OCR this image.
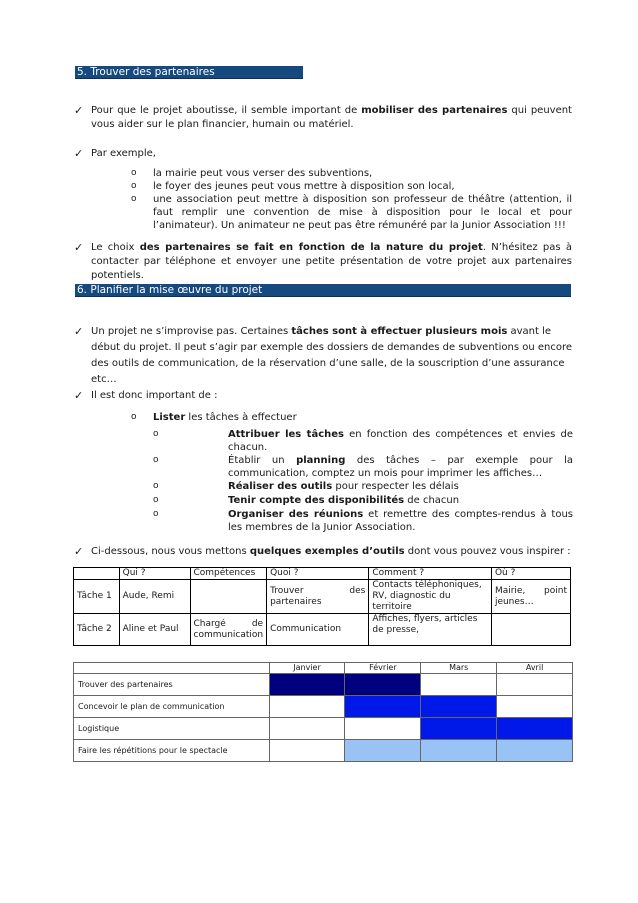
5. Trouver des partenaires
✓ Pour que le projet aboutisse, il semble important de mobiliser des partenaires qui peuvent vous aider sur le plan financier, humain ou matériel.
✓ Par exemple,
o la mairie peut vous verser des subventions,
o le foyer des jeunes peut vous mettre à disposition son local,
o une association peut mettre à disposition son professeur de théâtre (attention, il faut remplir une convention de mise à disposition pour le local et pour l’animateur). Un animateur ne peut pas être rémunéré par la Junior Association !!!
✓ Le choix des partenaires se fait en fonction de la nature du projet. N’hésitez pas à contacter par téléphone et envoyer une petite présentation de votre projet aux partenaires potentiels.
6. Planifier la mise œuvre du projet
✓ Un projet ne s’improvise pas. Certaines tâches sont à effectuer plusieurs mois avant le début du projet. Il peut s’agir par exemple des dossiers de demandes de subventions ou encore des outils de communication, de la réservation d’une salle, de la souscription d’une assurance etc…
✓ Il est donc important de :
o Lister les tâches à effectuer
o	Attribuer les tâches en fonction des compétences et envies de chacun.
o	Établir un planning des tâches – par exemple pour la communication, comptez un mois pour imprimer les affiches…
o	Réaliser des outils pour respecter les délais
o	Tenir compte des disponibilités de chacun
o	Organiser des réunions et remettre des comptes-rendus à tous les membres de la Junior Association.
✓ Ci-dessous, nous vous mettons quelques exemples d’outils dont vous pouvez vous inspirer :
	Qui ?	Compétences	Quoi ?	Comment ?	Où ?
Tâche 1	Aude, Remi		Trouver des partenaires	Contacts téléphoniques, RV, diagnostic du territoire	Mairie, point jeunes…
Tâche 2	Aline et Paul	Chargé de communication	Communication	Affiches, flyers, articles de presse,	
	Janvier	Février	Mars	Avril
Trouver des partenaires				
Concevoir le plan de communication				
Logistique				
Faire les répétitions pour le spectacle				
